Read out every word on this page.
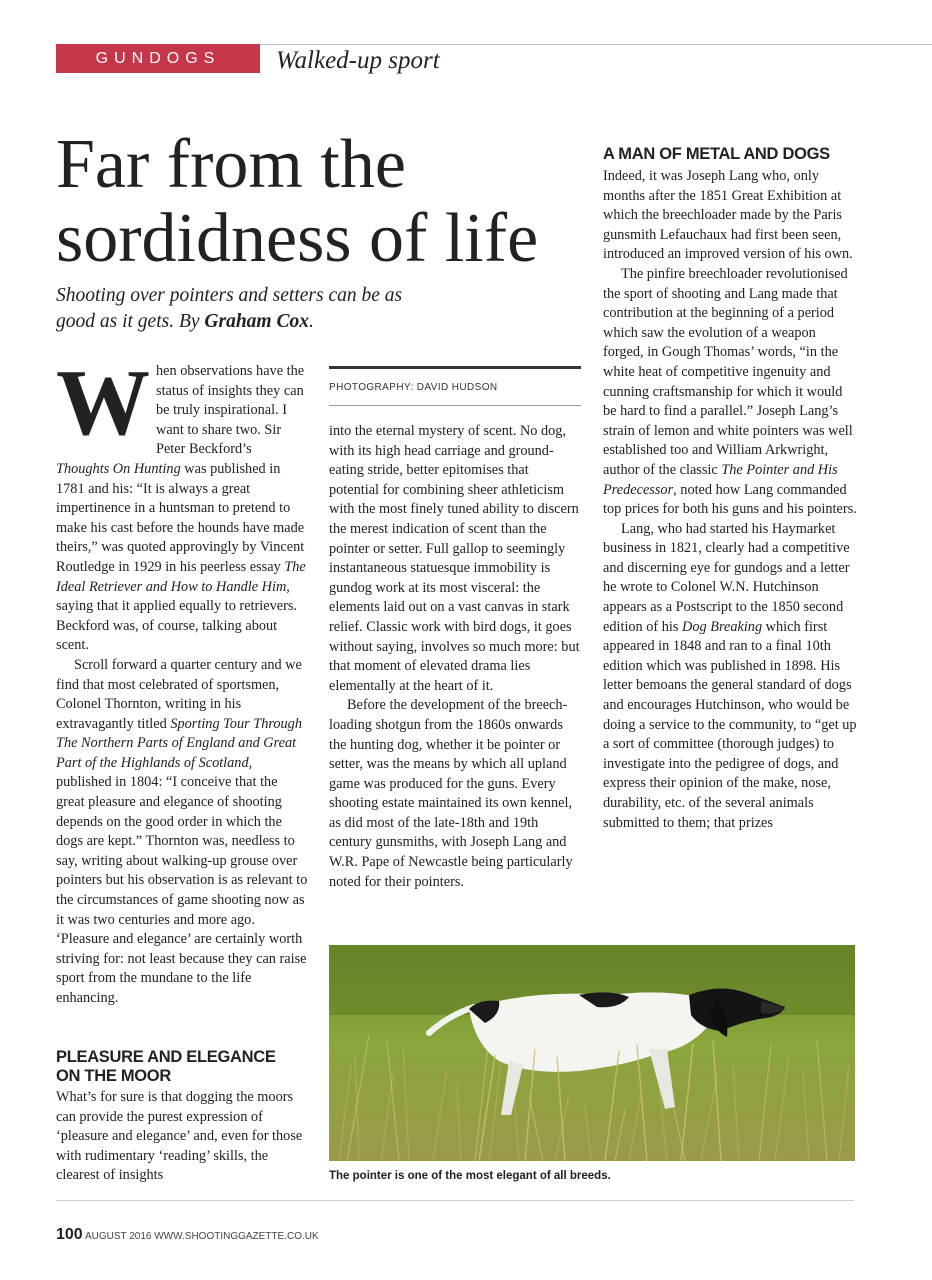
GUNDOGS	Walked-up sport
Far from the
sordidness of life

Shooting over pointers and setters can be as good as it gets. By Graham Cox.

When observations have the status of insights they can be truly inspirational. I want to share two. Sir Peter Beckford’s Thoughts On Hunting was published in 1781 and his: “It is always a great impertinence in a huntsman to pretend to make his cast before the hounds have made theirs,” was quoted approvingly by Vincent Routledge in 1929 in his peerless essay The Ideal Retriever and How to Handle Him, saying that it applied equally to retrievers. Beckford was, of course, talking about scent.

Scroll forward a quarter century and we find that most celebrated of sportsmen, Colonel Thornton, writing in his extravagantly titled Sporting Tour Through The Northern Parts of England and Great Part of the Highlands of Scotland, published in 1804: “I conceive that the great pleasure and elegance of shooting depends on the good order in which the dogs are kept.” Thornton was, needless to say, writing about walking-up grouse over pointers but his observation is as relevant to the circumstances of game shooting now as it was two centuries and more ago. ‘Pleasure and elegance’ are certainly worth striving for: not least because they can raise sport from the mundane to the life enhancing.

PLEASURE AND ELEGANCE
ON THE MOOR

What’s for sure is that dogging the moors can provide the purest expression of ‘pleasure and elegance’ and, even for those with rudimentary ‘reading’ skills, the clearest of insights

PHOTOGRAPHY: DAVID HUDSON

into the eternal mystery of scent. No dog, with its high head carriage and ground-eating stride, better epitomises that potential for combining sheer athleticism with the most finely tuned ability to discern the merest indication of scent than the pointer or setter. Full gallop to seemingly instantaneous statuesque immobility is gundog work at its most visceral: the elements laid out on a vast canvas in stark relief. Classic work with bird dogs, it goes without saying, involves so much more: but that moment of elevated drama lies elementally at the heart of it.

Before the development of the breech-loading shotgun from the 1860s onwards the hunting dog, whether it be pointer or setter, was the means by which all upland game was produced for the guns. Every shooting estate maintained its own kennel, as did most of the late-18th and 19th century gunsmiths, with Joseph Lang and W.R. Pape of Newcastle being particularly noted for their pointers.

A MAN OF METAL AND DOGS

Indeed, it was Joseph Lang who, only months after the 1851 Great Exhibition at which the breechloader made by the Paris gunsmith Lefauchaux had first been seen, introduced an improved version of his own.

The pinfire breechloader revolutionised the sport of shooting and Lang made that contribution at the beginning of a period which saw the evolution of a weapon forged, in Gough Thomas’ words, “in the white heat of competitive ingenuity and cunning craftsmanship for which it would be hard to find a parallel.” Joseph Lang’s strain of lemon and white pointers was well established too and William Arkwright, author of the classic The Pointer and His Predecessor, noted how Lang commanded top prices for both his guns and his pointers.

Lang, who had started his Haymarket business in 1821, clearly had a competitive and discerning eye for gundogs and a letter he wrote to Colonel W.N. Hutchinson appears as a Postscript to the 1850 second edition of his Dog Breaking which first appeared in 1848 and ran to a final 10th edition which was published in 1898. His letter bemoans the general standard of dogs and encourages Hutchinson, who would be doing a service to the community, to “get up a sort of committee (thorough judges) to investigate into the pedigree of dogs, and express their opinion of the make, nose, durability, etc. of the several animals submitted to them; that prizes

The pointer is one of the most elegant of all breeds.
100 AUGUST 2016 WWW.SHOOTINGGAZETTE.CO.UK
